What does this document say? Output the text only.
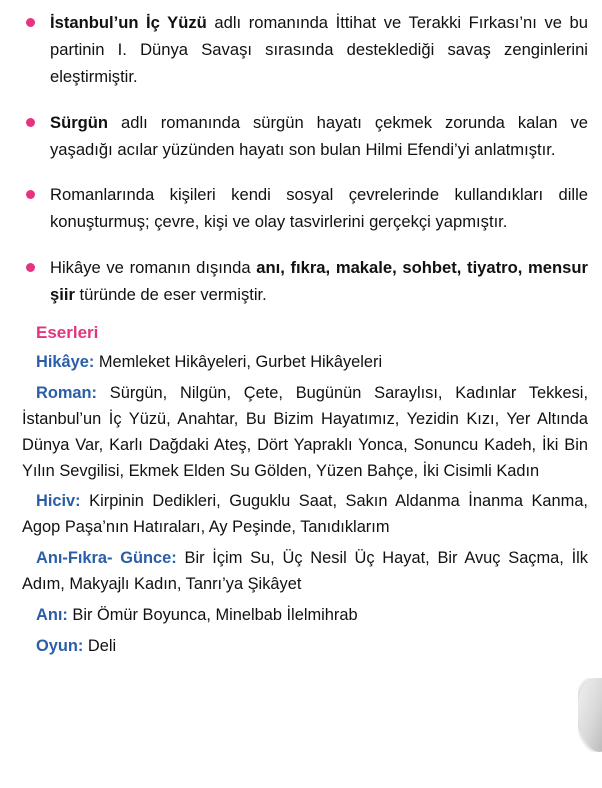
İstanbul’un İç Yüzü adlı romanında İttihat ve Terakki Fırkası’nı ve bu partinin I. Dünya Savaşı sırasında desteklediği savaş zenginlerini eleştirmiştir.
Sürgün adlı romanında sürgün hayatı çekmek zorunda kalan ve yaşadığı acılar yüzünden hayatı son bulan Hilmi Efendi’yi anlatmıştır.
Romanlarında kişileri kendi sosyal çevrelerinde kullandıkları dille konuşturmuş; çevre, kişi ve olay tasvirlerini gerçekçi yapmıştır.
Hikâye ve romanın dışında anı, fıkra, makale, sohbet, tiyatro, mensur şiir türünde de eser vermiştir.
Eserleri
Hikâye: Memleket Hikâyeleri, Gurbet Hikâyeleri
Roman: Sürgün, Nilgün, Çete, Bugünün Saraylısı, Kadınlar Tekkesi, İstanbul’un İç Yüzü, Anahtar, Bu Bizim Hayatımız, Yezidin Kızı, Yer Altında Dünya Var, Karlı Dağdaki Ateş, Dört Yapraklı Yonca, Sonuncu Kadeh, İki Bin Yılın Sevgilisi, Ekmek Elden Su Gölden, Yüzen Bahçe, İki Cisimli Kadın
Hiciv: Kirpinin Dedikleri, Guguklu Saat, Sakın Aldanma İnanma Kanma, Agop Paşa’nın Hatıraları, Ay Peşinde, Tanıdıklarım
Anı-Fıkra- Günce: Bir İçim Su, Üç Nesil Üç Hayat, Bir Avuç Saçma, İlk Adım, Makyajlı Kadın, Tanrı’ya Şikâyet
Anı: Bir Ömür Boyunca, Minelbab İlelmihrab
Oyun: Deli
